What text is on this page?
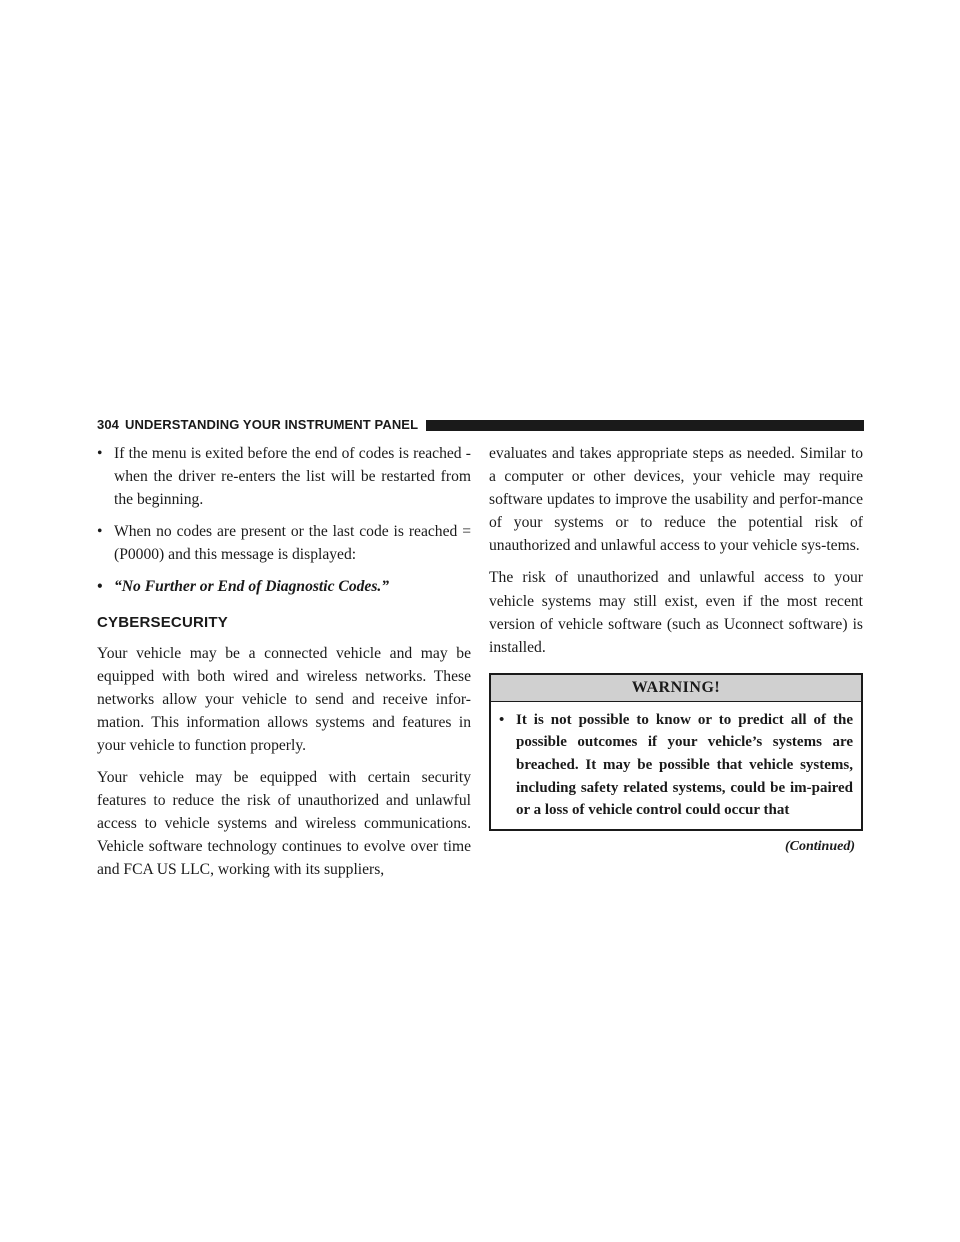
304 UNDERSTANDING YOUR INSTRUMENT PANEL
• If the menu is exited before the end of codes is reached - when the driver re-enters the list will be restarted from the beginning.
• When no codes are present or the last code is reached = (P0000) and this message is displayed:
• “No Further or End of Diagnostic Codes.”
CYBERSECURITY

Your vehicle may be a connected vehicle and may be equipped with both wired and wireless networks. These networks allow your vehicle to send and receive infor-mation. This information allows systems and features in your vehicle to function properly.

Your vehicle may be equipped with certain security features to reduce the risk of unauthorized and unlawful access to vehicle systems and wireless communications. Vehicle software technology continues to evolve over time and FCA US LLC, working with its suppliers,

evaluates and takes appropriate steps as needed. Similar to a computer or other devices, your vehicle may require software updates to improve the usability and perfor-mance of your systems or to reduce the potential risk of unauthorized and unlawful access to your vehicle sys-tems.

The risk of unauthorized and unlawful access to your vehicle systems may still exist, even if the most recent version of vehicle software (such as Uconnect software) is installed.

WARNING!
• It is not possible to know or to predict all of the possible outcomes if your vehicle’s systems are breached. It may be possible that vehicle systems, including safety related systems, could be im-paired or a loss of vehicle control could occur that
(Continued)
